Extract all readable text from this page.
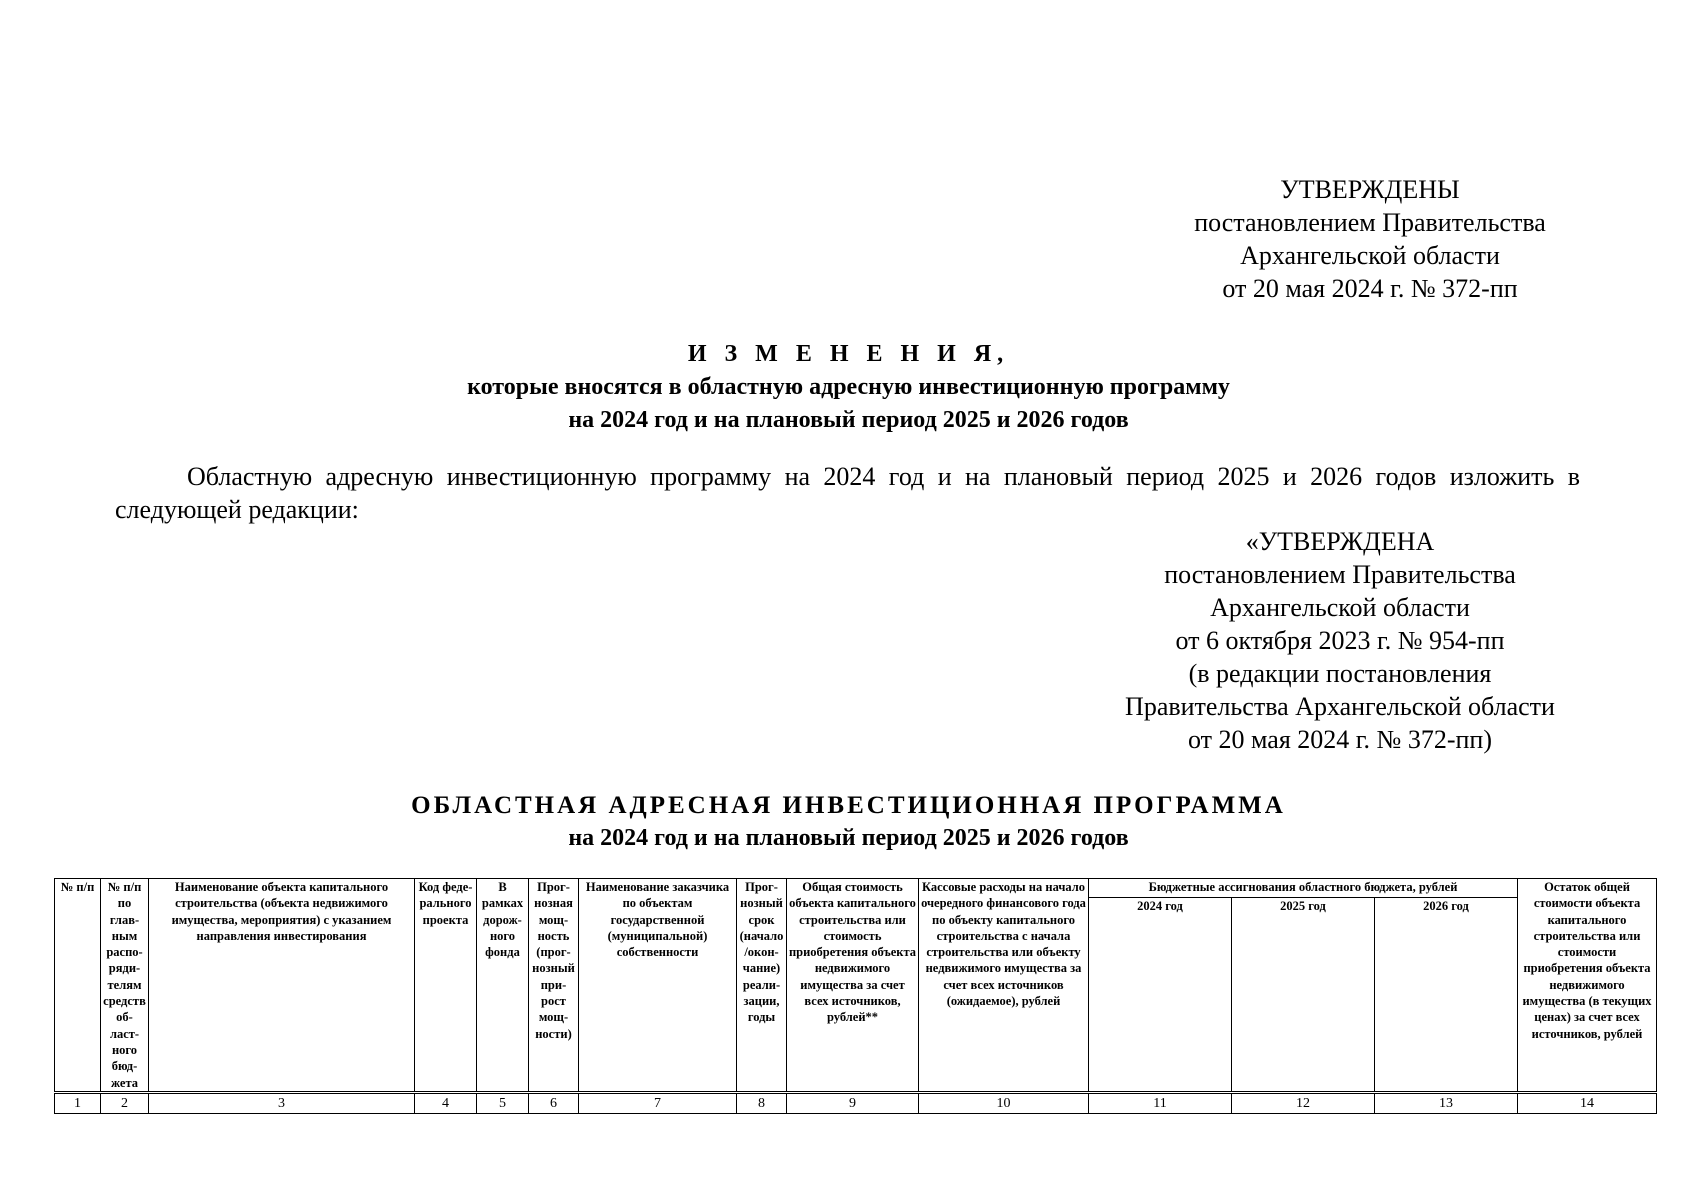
УТВЕРЖДЕНЫ
постановлением Правительства
Архангельской области
от 20 мая 2024 г. № 372-пп
И З М Е Н Е Н И Я,
которые вносятся в областную адресную инвестиционную программу
на 2024 год и на плановый период 2025 и 2026 годов
Областную адресную инвестиционную программу на 2024 год и на плановый период 2025 и 2026 годов изложить в следующей редакции:
«УТВЕРЖДЕНА
постановлением Правительства
Архангельской области
от 6 октября 2023 г. № 954-пп
(в редакции постановления
Правительства Архангельской области
от 20 мая 2024 г. № 372-пп)
ОБЛАСТНАЯ АДРЕСНАЯ ИНВЕСТИЦИОННАЯ ПРОГРАММА
на 2024 год и на плановый период 2025 и 2026 годов
№ п/п	№ п/п по глав-ным распо-ряди-телям средств об-ласт-ного бюд-жета	Наименование объекта капитального строительства (объекта недвижимого имущества, мероприятия) с указанием направления инвестирования	Код феде-рального проекта	В рамках дорож-ного фонда	Прог-нозная мощ-ность (прог-нозный при-рост мощ-ности)	Наименование заказчика по объектам государственной (муниципальной) собственности	Прог-нозный срок (начало /окон-чание) реали-зации, годы	Общая стоимость объекта капитального строительства или стоимость приобретения объекта недвижимого имущества за счет всех источников, рублей**	Кассовые расходы на начало очередного финансового года по объекту капитального строительства с начала строительства или объекту недвижимого имущества за счет всех источников (ожидаемое), рублей	Бюджетные ассигнования областного бюджета, рублей			Остаток общей стоимости объекта капитального строительства или стоимости приобретения объекта недвижимого имущества (в текущих ценах) за счет всех источников, рублей
										2024 год	2025 год	2026 год	
1	2	3	4	5	6	7	8	9	10	11	12	13	14
